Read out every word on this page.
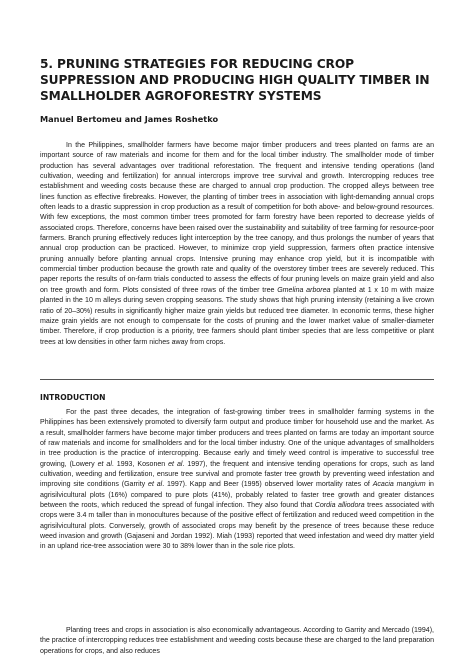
5. PRUNING STRATEGIES FOR REDUCING CROP SUPPRESSION AND PRODUCING HIGH QUALITY TIMBER IN SMALLHOLDER AGROFORESTRY SYSTEMS

Manuel Bertomeu and James Roshetko

In the Philippines, smallholder farmers have become major timber producers and trees planted on farms are an important source of raw materials and income for them and for the local timber industry. The smallholder mode of timber production has several advantages over traditional reforestation. The frequent and intensive tending operations (land cultivation, weeding and fertilization) for annual intercrops improve tree survival and growth. Intercropping reduces tree establishment and weeding costs because these are charged to annual crop production. The cropped alleys between tree lines function as effective firebreaks. However, the planting of timber trees in association with light-demanding annual crops often leads to a drastic suppression in crop production as a result of competition for both above- and below-ground resources. With few exceptions, the most common timber trees promoted for farm forestry have been reported to decrease yields of associated crops. Therefore, concerns have been raised over the sustainability and suitability of tree farming for resource-poor farmers. Branch pruning effectively reduces light interception by the tree canopy, and thus prolongs the number of years that annual crop production can be practiced. However, to minimize crop yield suppression, farmers often practice intensive pruning annually before planting annual crops. Intensive pruning may enhance crop yield, but it is incompatible with commercial timber production because the growth rate and quality of the overstorey timber trees are severely reduced. This paper reports the results of on-farm trials conducted to assess the effects of four pruning levels on maize grain yield and also on tree growth and form. Plots consisted of three rows of the timber tree Gmelina arborea planted at 1 x 10 m with maize planted in the 10 m alleys during seven cropping seasons. The study shows that high pruning intensity (retaining a live crown ratio of 20–30%) results in significantly higher maize grain yields but reduced tree diameter. In economic terms, these higher maize grain yields are not enough to compensate for the costs of pruning and the lower market value of smaller-diameter timber. Therefore, if crop production is a priority, tree farmers should plant timber species that are less competitive or plant trees at low densities in other farm niches away from crops.

INTRODUCTION

For the past three decades, the integration of fast-growing timber trees in smallholder farming systems in the Philippines has been extensively promoted to diversify farm output and produce timber for household use and the market. As a result, smallholder farmers have become major timber producers and trees planted on farms are today an important source of raw materials and income for smallholders and for the local timber industry. One of the unique advantages of smallholders in tree production is the practice of intercropping. Because early and timely weed control is imperative to successful tree growing, (Lowery et al. 1993, Kosonen et al. 1997), the frequent and intensive tending operations for crops, such as land cultivation, weeding and fertilization, ensure tree survival and promote faster tree growth by preventing weed infestation and improving site conditions (Garrity et al. 1997). Kapp and Beer (1995) observed lower mortality rates of Acacia mangium in agrisilvicultural plots (16%) compared to pure plots (41%), probably related to faster tree growth and greater distances between the roots, which reduced the spread of fungal infection. They also found that Cordia alliodora trees associated with crops were 3.4 m taller than in monocultures because of the positive effect of fertilization and reduced weed competition in the agrisilvicultural plots. Conversely, growth of associated crops may benefit by the presence of trees because these reduce weed invasion and growth (Gajaseni and Jordan 1992). Miah (1993) reported that weed infestation and weed dry matter yield in an upland rice-tree association were 30 to 38% lower than in the sole rice plots.

Planting trees and crops in association is also economically advantageous. According to Garrity and Mercado (1994), the practice of intercropping reduces tree establishment and weeding costs because these are charged to the land preparation operations for crops, and also reduces
